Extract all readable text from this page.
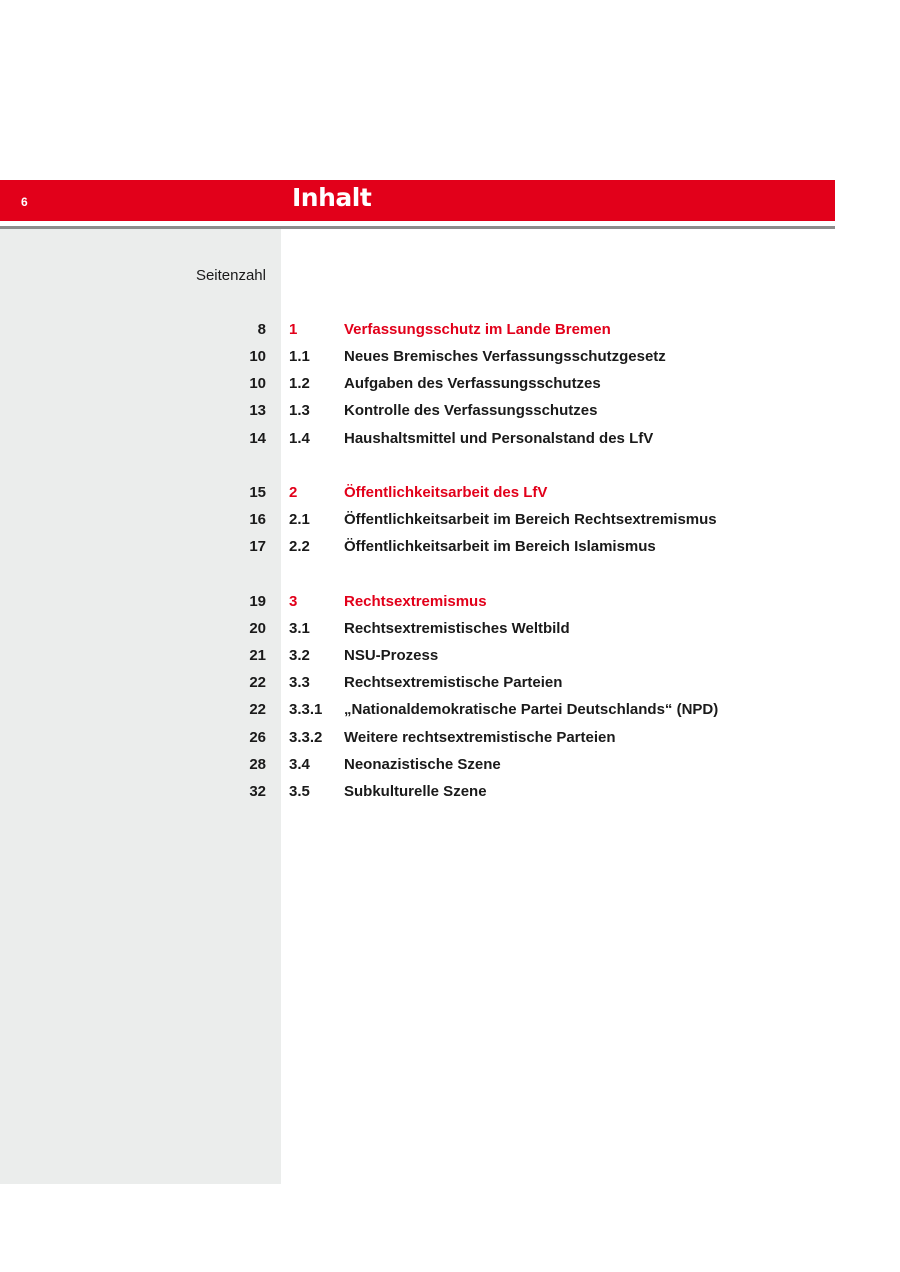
6	Inhalt
Seitenzahl
8 1	Verfassungsschutz im Lande Bremen
10 1.1 Neues Bremisches Verfassungsschutzgesetz
10 1.2 Aufgaben des Verfassungsschutzes
13 1.3 Kontrolle des Verfassungsschutzes
14 1.4 Haushaltsmittel und Personalstand des LfV
15 2	Öffentlichkeitsarbeit des LfV
16 2.1 Öffentlichkeitsarbeit im Bereich Rechtsextremismus
17 2.2 Öffentlichkeitsarbeit im Bereich Islamismus
19 3	Rechtsextremismus
20 3.1 Rechtsextremistisches Weltbild
21 3.2 NSU-Prozess
22 3.3 Rechtsextremistische Parteien
22 3.3.1 „Nationaldemokratische Partei Deutschlands“ (NPD)
26 3.3.2 Weitere rechtsextremistische Parteien
28 3.4 Neonazistische Szene
32 3.5 Subkulturelle Szene
